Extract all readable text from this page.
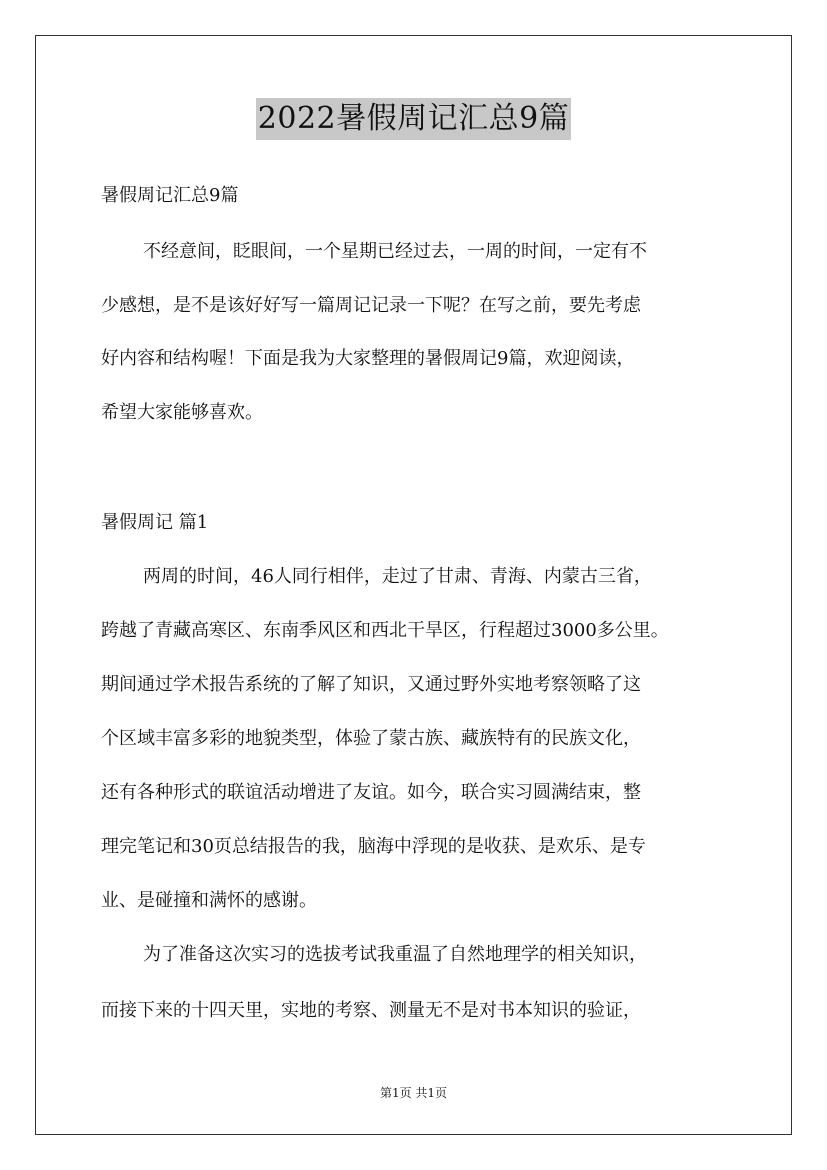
2022暑假周记汇总9篇
暑假周记汇总9篇
不经意间，眨眼间，一个星期已经过去，一周的时间，一定有不
少感想，是不是该好好写一篇周记记录一下呢？在写之前，要先考虑
好内容和结构喔！下面是我为大家整理的暑假周记9篇，欢迎阅读，
希望大家能够喜欢。
暑假周记 篇1
两周的时间，46人同行相伴，走过了甘肃、青海、内蒙古三省，
跨越了青藏高寒区、东南季风区和西北干旱区，行程超过3000多公里。
期间通过学术报告系统的了解了知识，又通过野外实地考察领略了这
个区域丰富多彩的地貌类型，体验了蒙古族、藏族特有的民族文化，
还有各种形式的联谊活动增进了友谊。如今，联合实习圆满结束，整
理完笔记和30页总结报告的我，脑海中浮现的是收获、是欢乐、是专
业、是碰撞和满怀的感谢。
为了准备这次实习的选拔考试我重温了自然地理学的相关知识，
而接下来的十四天里，实地的考察、测量无不是对书本知识的验证，
第1页 共1页
